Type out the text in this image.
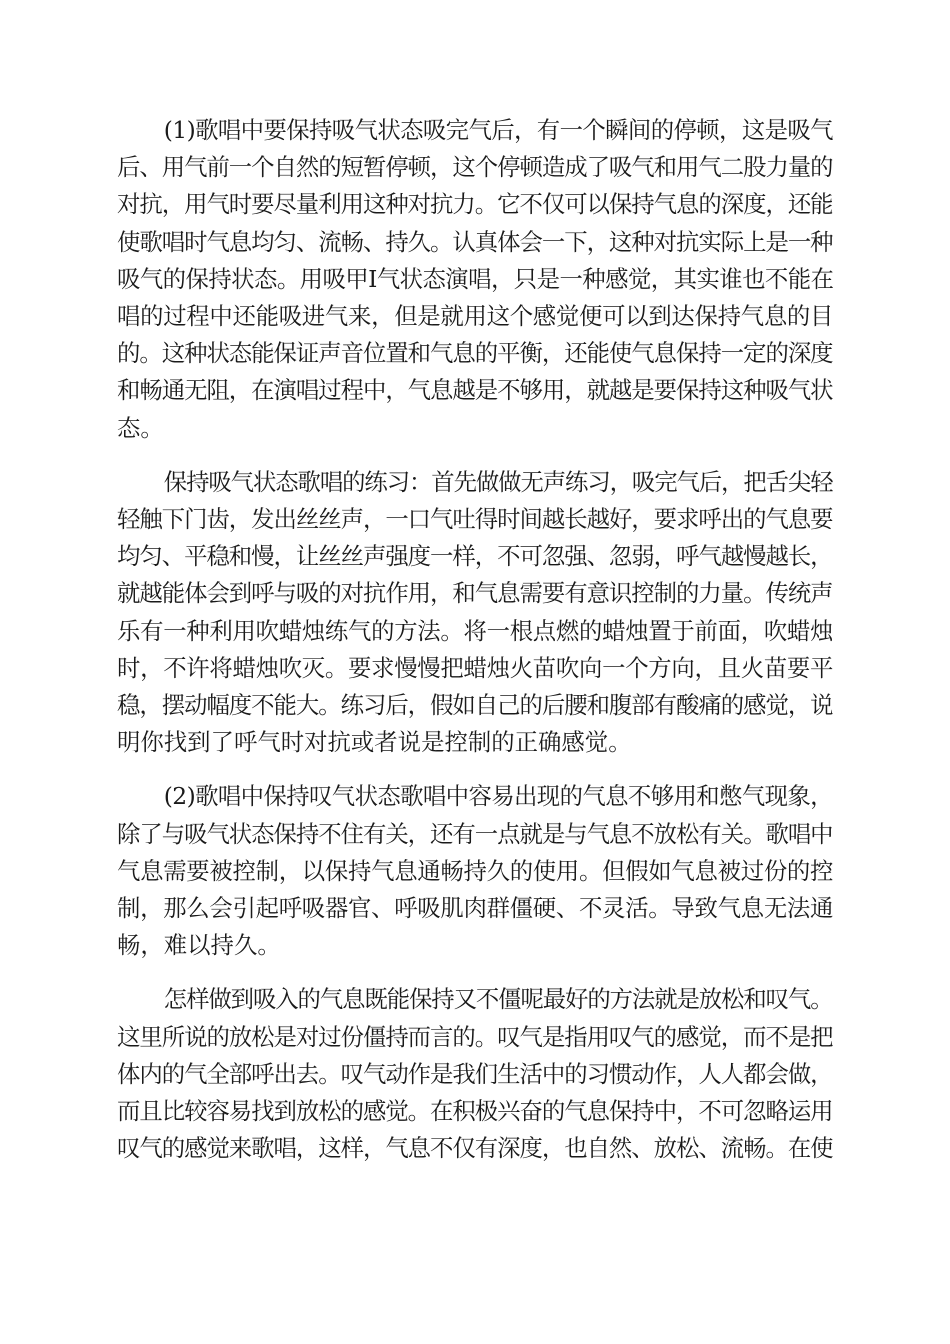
(1)歌唱中要保持吸气状态吸完气后，有一个瞬间的停顿，这是吸气
后、用气前一个自然的短暂停顿，这个停顿造成了吸气和用气二股力量的
对抗，用气时要尽量利用这种对抗力。它不仅可以保持气息的深度，还能
使歌唱时气息均匀、流畅、持久。认真体会一下，这种对抗实际上是一种
吸气的保持状态。用吸甲Ⅰ气状态演唱，只是一种感觉，其实谁也不能在
唱的过程中还能吸进气来，但是就用这个感觉便可以到达保持气息的目
的。这种状态能保证声音位置和气息的平衡，还能使气息保持一定的深度
和畅通无阻，在演唱过程中，气息越是不够用，就越是要保持这种吸气状
态。
保持吸气状态歌唱的练习：首先做做无声练习，吸完气后，把舌尖轻
轻触下门齿，发出丝丝声，一口气吐得时间越长越好，要求呼出的气息要
均匀、平稳和慢，让丝丝声强度一样，不可忽强、忽弱，呼气越慢越长，
就越能体会到呼与吸的对抗作用，和气息需要有意识控制的力量。传统声
乐有一种利用吹蜡烛练气的方法。将一根点燃的蜡烛置于前面，吹蜡烛
时，不许将蜡烛吹灭。要求慢慢把蜡烛火苗吹向一个方向，且火苗要平
稳，摆动幅度不能大。练习后，假如自己的后腰和腹部有酸痛的感觉，说
明你找到了呼气时对抗或者说是控制的正确感觉。
(2)歌唱中保持叹气状态歌唱中容易出现的气息不够用和憋气现象，
除了与吸气状态保持不住有关，还有一点就是与气息不放松有关。歌唱中
气息需要被控制，以保持气息通畅持久的使用。但假如气息被过份的控
制，那么会引起呼吸器官、呼吸肌肉群僵硬、不灵活。导致气息无法通
畅，难以持久。
怎样做到吸入的气息既能保持又不僵呢最好的方法就是放松和叹气。
这里所说的放松是对过份僵持而言的。叹气是指用叹气的感觉，而不是把
体内的气全部呼出去。叹气动作是我们生活中的习惯动作，人人都会做，
而且比较容易找到放松的感觉。在积极兴奋的气息保持中，不可忽略运用
叹气的感觉来歌唱，这样，气息不仅有深度，也自然、放松、流畅。在使
